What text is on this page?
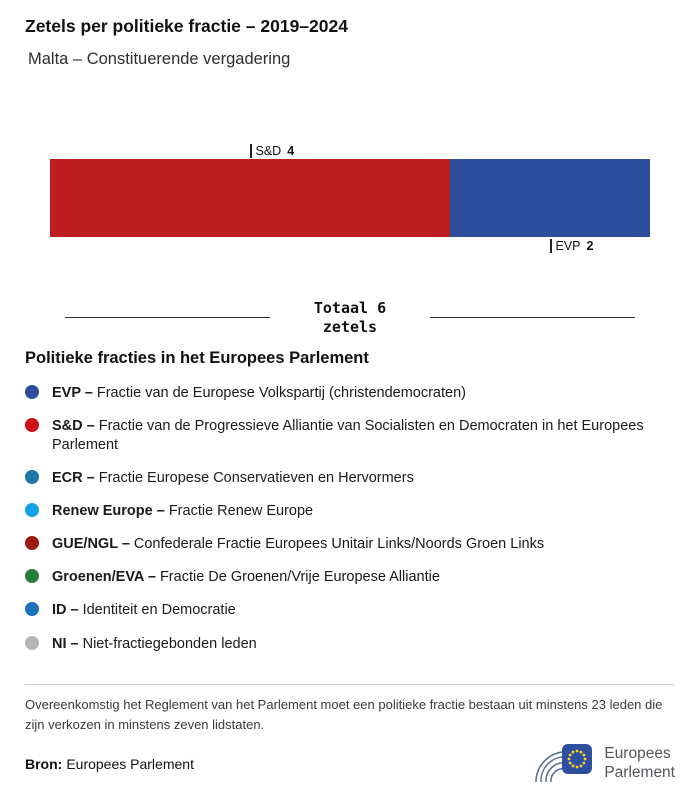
Zetels per politieke fractie – 2019–2024
Malta – Constituerende vergadering
S&D 4
EVP 2
Totaal 6
zetels
Politieke fracties in het Europees Parlement
EVP – Fractie van de Europese Volkspartij (christendemocraten)
S&D – Fractie van de Progressieve Alliantie van Socialisten en Democraten in het Europees Parlement
ECR – Fractie Europese Conservatieven en Hervormers
Renew Europe – Fractie Renew Europe
GUE/NGL – Confederale Fractie Europees Unitair Links/Noords Groen Links
Groenen/EVA – Fractie De Groenen/Vrije Europese Alliantie
ID – Identiteit en Democratie
NI – Niet-fractiegebonden leden
Overeenkomstig het Reglement van het Parlement moet een politieke fractie bestaan uit minstens 23 leden die zijn verkozen in minstens zeven lidstaten.
Bron: Europees Parlement
Europees
Parlement
